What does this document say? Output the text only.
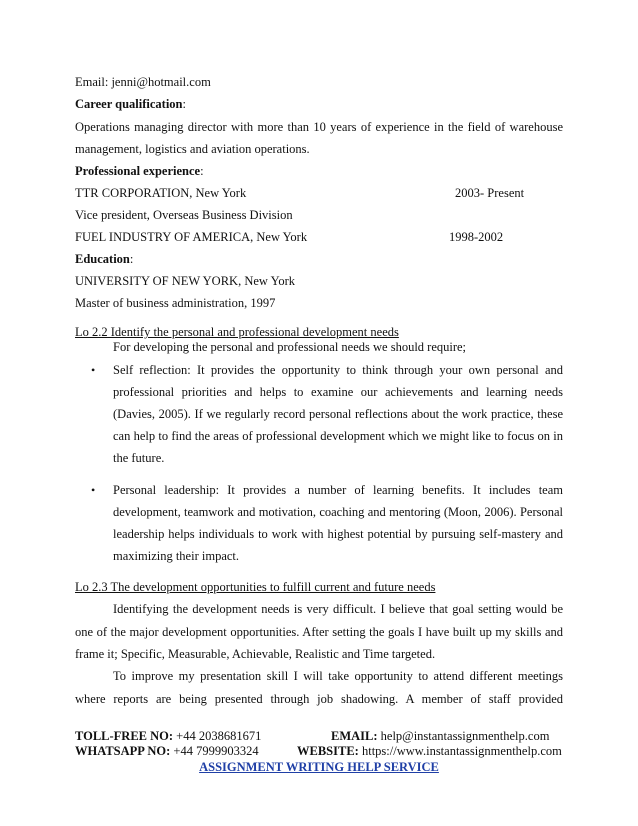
Email: jenni@hotmail.com
Career qualification:
Operations managing director with more than 10 years of experience in the field of warehouse
management, logistics and aviation operations.
Professional experience:
TTR CORPORATION, New York	2003- Present
Vice president, Overseas Business Division
FUEL INDUSTRY OF AMERICA, New York	1998-2002
Education:
UNIVERSITY OF NEW YORK, New York
Master of business administration, 1997
Lo 2.2 Identify the personal and professional development needs
For developing the personal and professional needs we should require;
• Self reflection: It provides the opportunity to think through your own personal and
professional priorities and helps to examine our achievements and learning needs
(Davies, 2005). If we regularly record personal reflections about the work practice, these
can help to find the areas of professional development which we might like to focus on in
the future.
• Personal leadership: It provides a number of learning benefits. It includes team
development, teamwork and motivation, coaching and mentoring (Moon, 2006). Personal
leadership helps individuals to work with highest potential by pursuing self-mastery and
maximizing their impact.
Lo 2.3 The development opportunities to fulfill current and future needs
Identifying the development needs is very difficult. I believe that goal setting would be
one of the major development opportunities. After setting the goals I have built up my skills and
frame it; Specific, Measurable, Achievable, Realistic and Time targeted.
To improve my presentation skill I will take opportunity to attend different meetings
where reports are being presented through job shadowing. A member of staff provided
TOLL-FREE NO: +44 2038681671	EMAIL: help@instantassignmenthelp.com
WHATSAPP NO: +44 7999903324	WEBSITE: https://www.instantassignmenthelp.com
ASSIGNMENT WRITING HELP SERVICE
